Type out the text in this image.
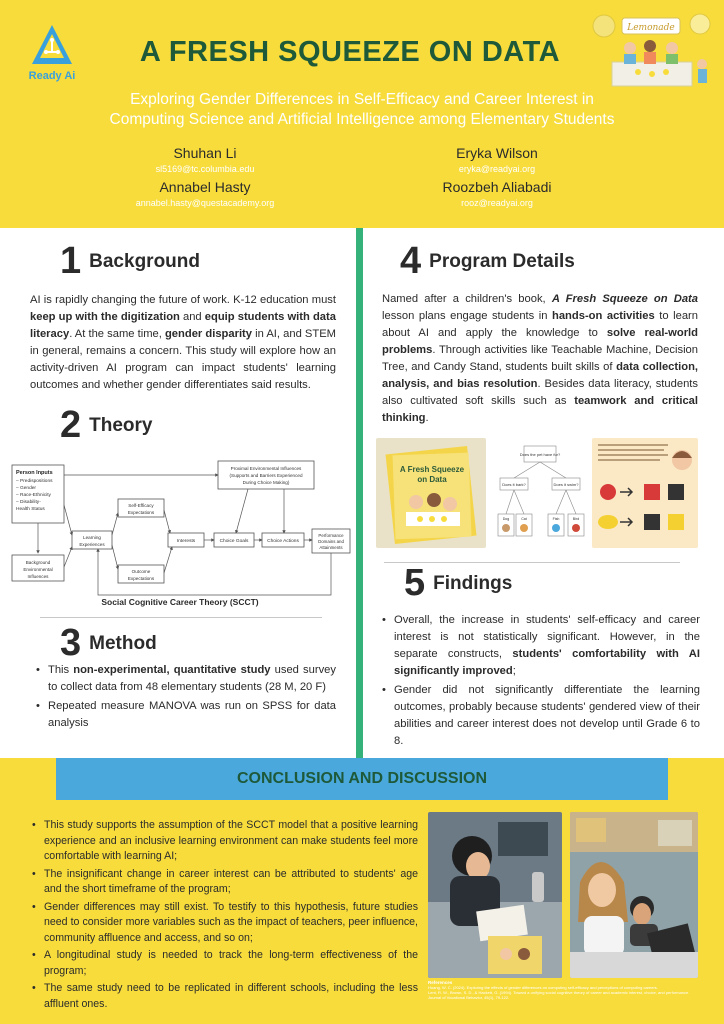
Ready Ai
A FRESH SQUEEZE ON DATA
Lemonade
Exploring Gender Differences in Self-Efficacy and Career Interest in
Computing Science and Artificial Intelligence among Elementary Students
Shuhan Li
sl5169@tc.columbia.edu
Eryka Wilson
eryka@readyai.org
Annabel Hasty
annabel.hasty@questacademy.org
Roozbeh Aliabadi
rooz@readyai.org
1 Background
AI is rapidly changing the future of work. K-12 education must keep up with the digitization and equip students with data literacy. At the same time, gender disparity in AI, and STEM in general, remains a concern. This study will explore how an activity-driven AI program can impact students' learning outcomes and whether gender differentiates said results.
2 Theory
Person Inputs
– Predispositions
– Gender
– Race-Ethnicity
– Disability-
Health Status
Proximal Environmental Influences
(Supports and Barriers Experienced
During Choice Making)
Self-Efficacy
Expectations
Learning
Experiences
Interests	Choice Goals	Choice Actions
Performance
Domains and
Attainments
Outcome
Expectations
Background
Environmental
Influences
Social Cognitive Career Theory (SCCT)
3 Method
• This non-experimental, quantitative study used survey to collect data from 48 elementary students (28 M, 20 F)
• Repeated measure MANOVA was run on SPSS for data analysis
4 Program Details
Named after a children's book, A Fresh Squeeze on Data lesson plans engage students in hands-on activities to learn about AI and apply the knowledge to solve real-world problems. Through activities like Teachable Machine, Decision Tree, and Candy Stand, students built skills of data collection, analysis, and bias resolution. Besides data literacy, students also cultivated soft skills such as teamwork and critical thinking.
A Fresh Squeeze
on Data
Does the pet have fur?
Does it bark?	Does it swim?
Dog	Cat	Fish	Bird
5 Findings
• Overall, the increase in students' self-efficacy and career interest is not statistically significant. However, in the separate constructs, students' comfortability with AI significantly improved;
• Gender did not significantly differentiate the learning outcomes, probably because students' gendered view of their abilities and career interest does not develop until Grade 6 to 8.
CONCLUSION AND DISCUSSION
• This study supports the assumption of the SCCT model that a positive learning experience and an inclusive learning environment can make students feel more comfortable with learning AI;
• The insignificant change in career interest can be attributed to students' age and the short timeframe of the program;
• Gender differences may still exist. To testify to this hypothesis, future studies need to consider more variables such as the impact of teachers, peer influence, community affluence and access, and so on;
• A longitudinal study is needed to track the long-term effectiveness of the program;
• The same study need to be replicated in different schools, including the less affluent ones.
References
Huang, W. C. (2024). Exploring the effects of gender differences on computing self-efficacy and perceptions of computing careers.
Lent, R. W., Brown, S. D., & Hackett, G. (1994). Toward a unifying social cognitive theory of career and academic interest, choice, and performance.
Journal of Vocational Behavior, 45(1), 79-122.
